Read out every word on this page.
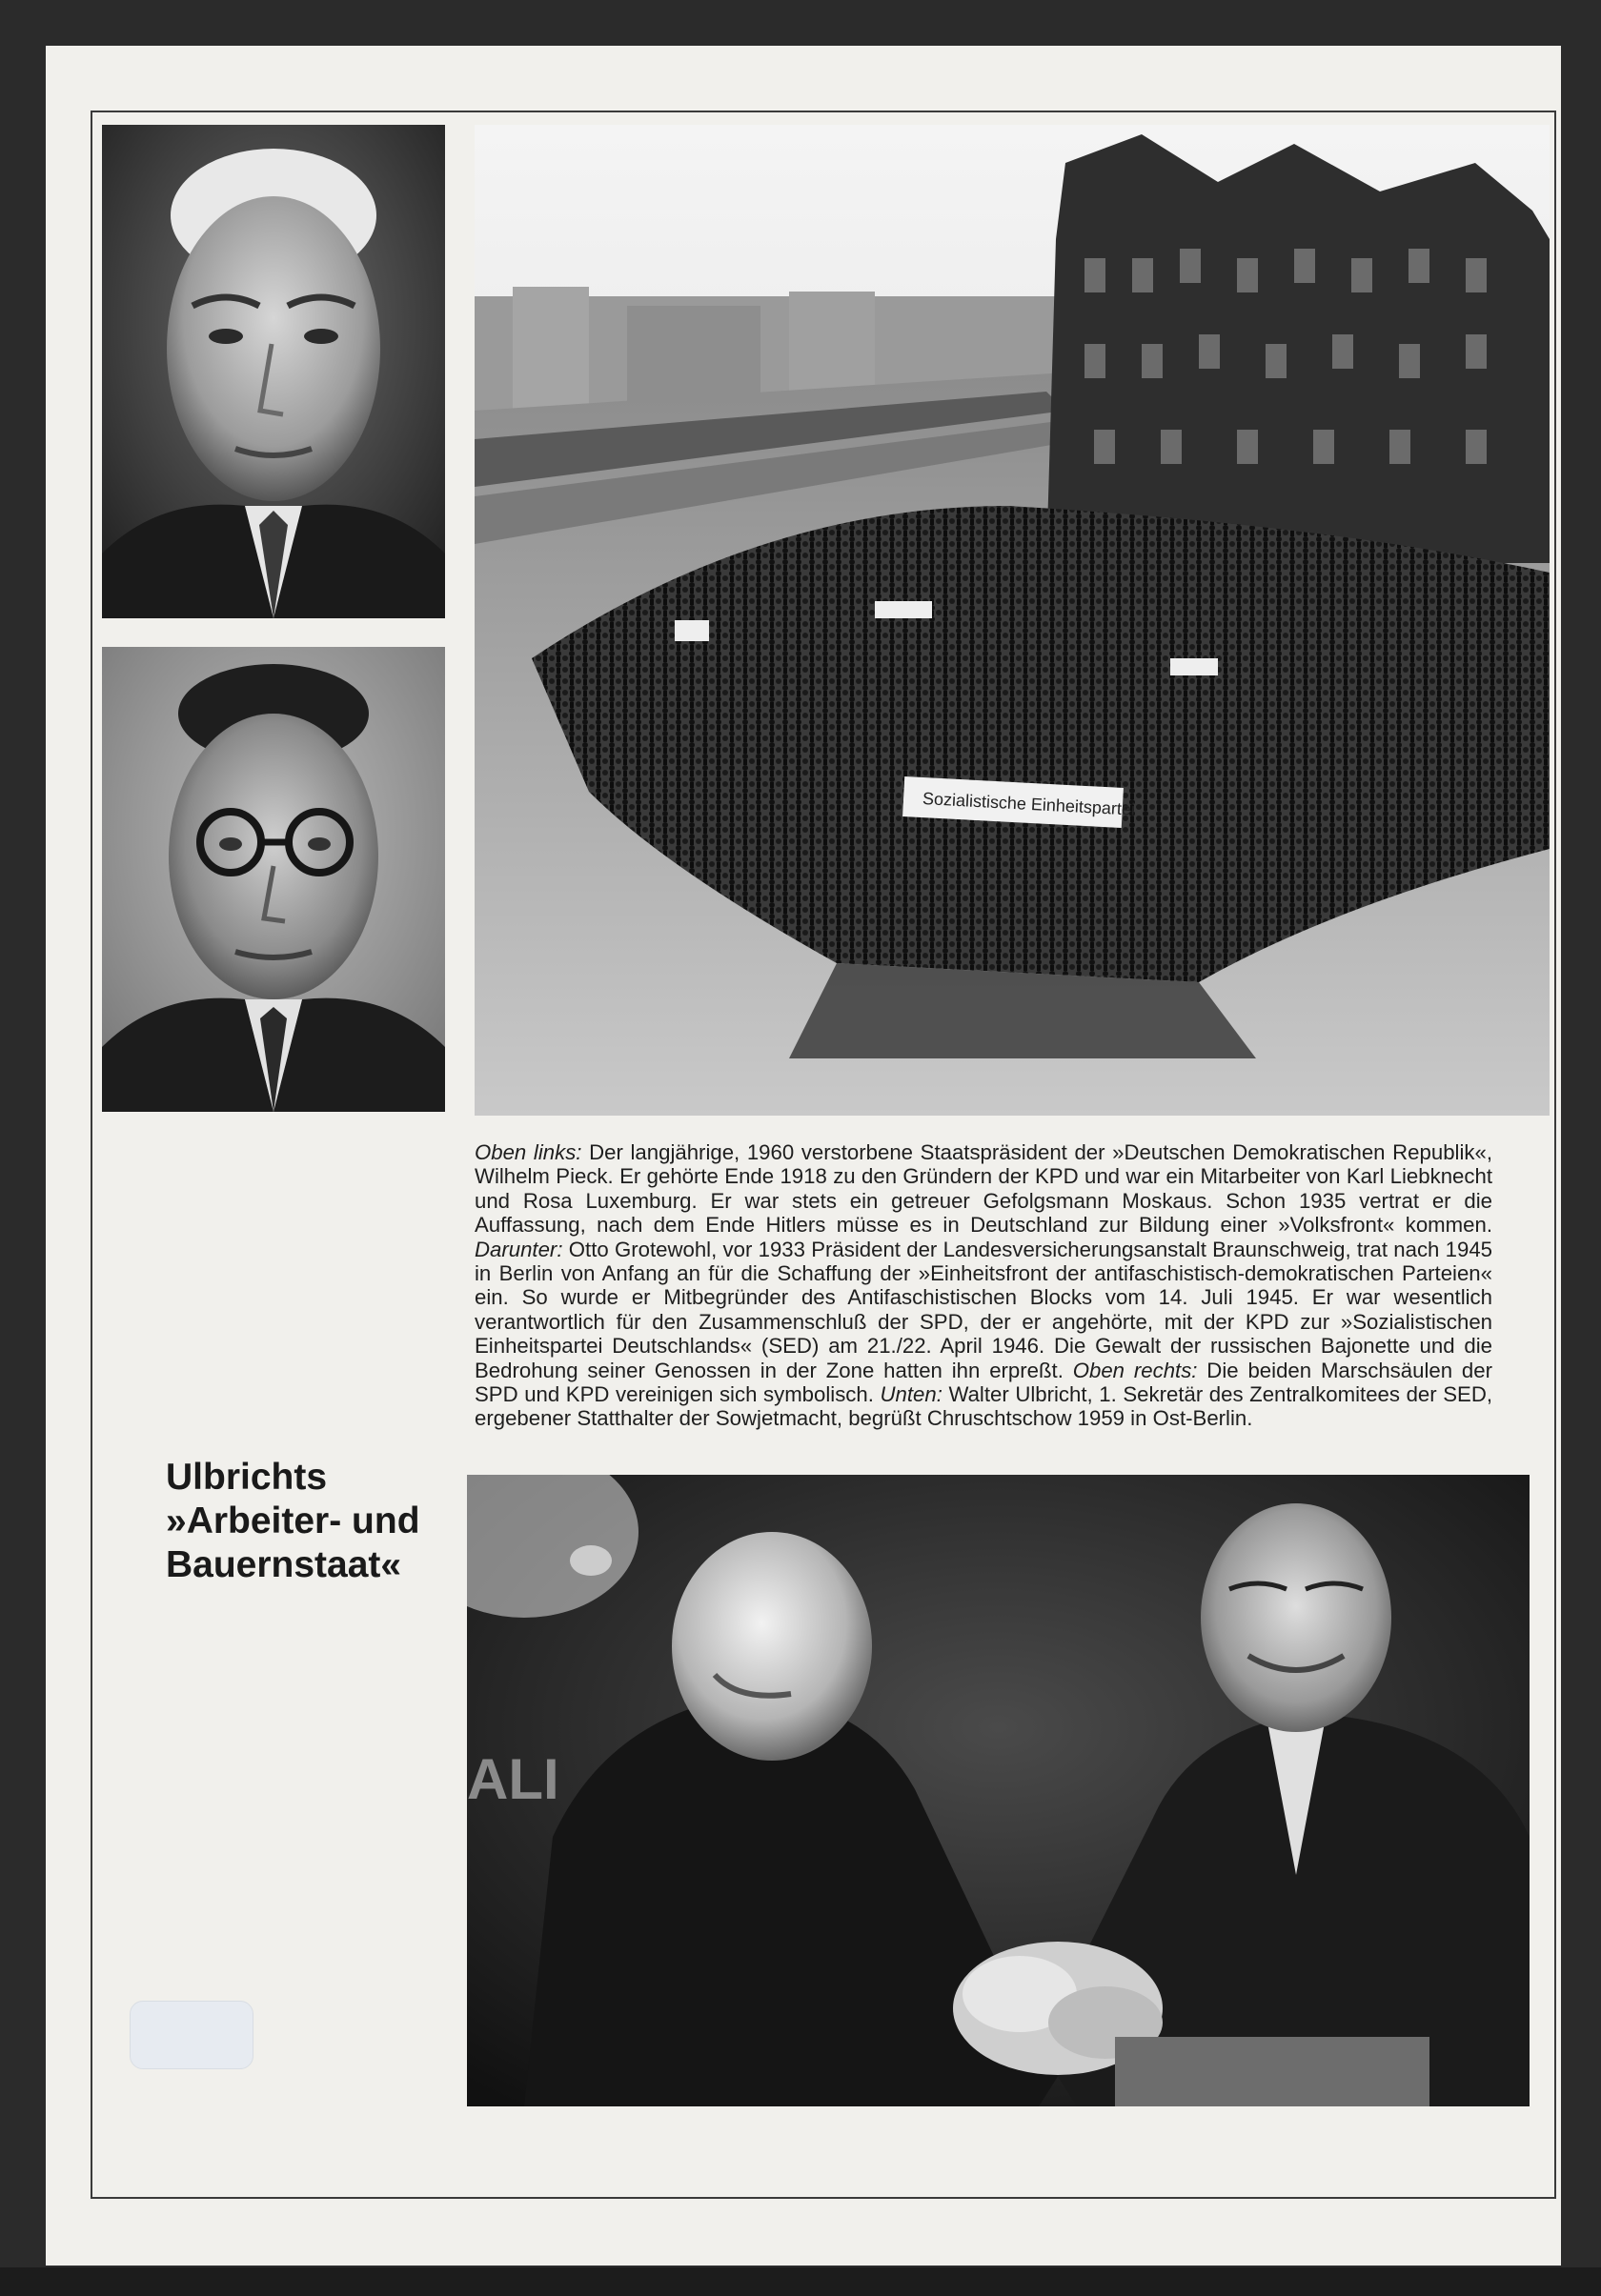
Sozialistische Einheitspartei

Oben links: Der langjährige, 1960 verstorbene Staatspräsident der »Deutschen Demokratischen Republik«, Wilhelm Pieck. Er gehörte Ende 1918 zu den Gründern der KPD und war ein Mitarbeiter von Karl Liebknecht und Rosa Luxemburg. Er war stets ein getreuer Gefolgsmann Moskaus. Schon 1935 vertrat er die Auffassung, nach dem Ende Hitlers müsse es in Deutschland zur Bildung einer »Volksfront« kommen. Darunter: Otto Grotewohl, vor 1933 Präsident der Landesversicherungsanstalt Braunschweig, trat nach 1945 in Berlin von Anfang an für die Schaffung der »Einheitsfront der antifaschistisch-demokratischen Parteien« ein. So wurde er Mitbegründer des Antifaschistischen Blocks vom 14. Juli 1945. Er war wesentlich verantwortlich für den Zusammenschluß der SPD, der er angehörte, mit der KPD zur »Sozialistischen Einheitspartei Deutschlands« (SED) am 21./22. April 1946. Die Gewalt der russischen Bajonette und die Bedrohung seiner Genossen in der Zone hatten ihn erpreßt. Oben rechts: Die beiden Marschsäulen der SPD und KPD vereinigen sich symbolisch. Unten: Walter Ulbricht, 1. Sekretär des Zentralkomitees der SED, ergebener Statthalter der Sowjetmacht, begrüßt Chruschtschow 1959 in Ost-Berlin.

Ulbrichts
»Arbeiter- und
Bauernstaat«
ALI
